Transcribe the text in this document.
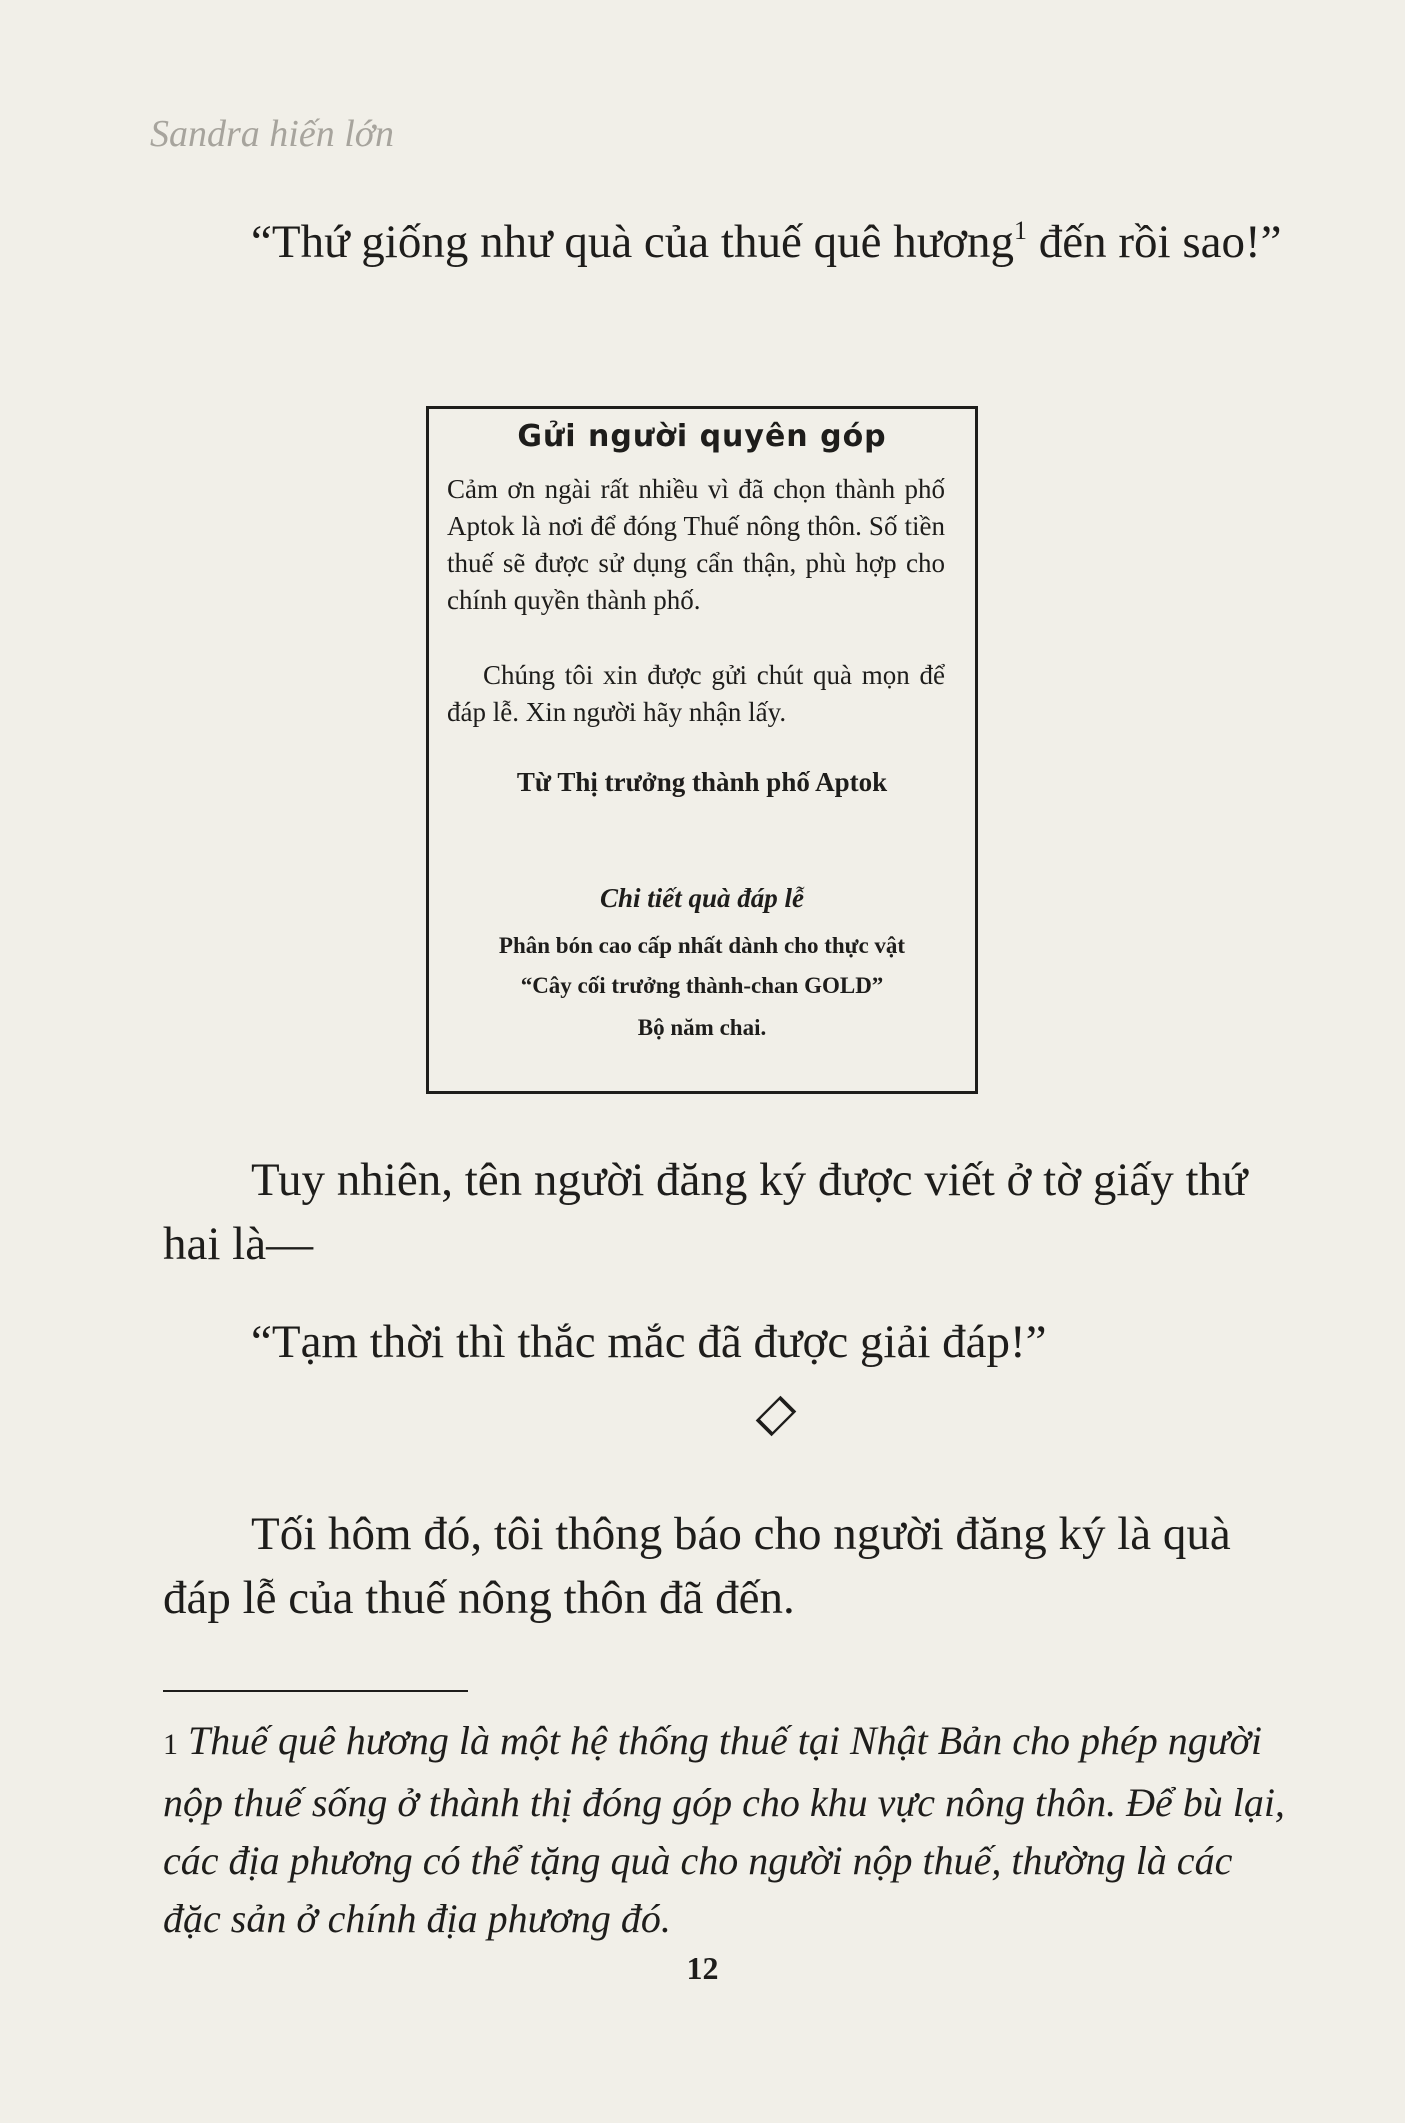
Sandra hiến lớn

“Thứ giống như quà của thuế quê hương$^1$ đến rồi sao!”

Gửi người quyên góp

Cảm ơn ngài rất nhiều vì đã chọn thành phố Aptok là nơi để đóng Thuế nông thôn. Số tiền thuế sẽ được sử dụng cẩn thận, phù hợp cho chính quyền thành phố.

Chúng tôi xin được gửi chút quà mọn để đáp lễ. Xin người hãy nhận lấy.

Từ Thị trưởng thành phố Aptok
Chi tiết quà đáp lễ
Phân bón cao cấp nhất dành cho thực vật
“Cây cối trưởng thành-chan GOLD”
Bộ năm chai.

Tuy nhiên, tên người đăng ký được viết ở tờ giấy thứ hai là—

“Tạm thời thì thắc mắc đã được giải đáp!”

Tối hôm đó, tôi thông báo cho người đăng ký là quà đáp lễ của thuế nông thôn đã đến.

1 Thuế quê hương là một hệ thống thuế tại Nhật Bản cho phép người nộp thuế sống ở thành thị đóng góp cho khu vực nông thôn. Để bù lại, các địa phương có thể tặng quà cho người nộp thuế, thường là các đặc sản ở chính địa phương đó.

12
